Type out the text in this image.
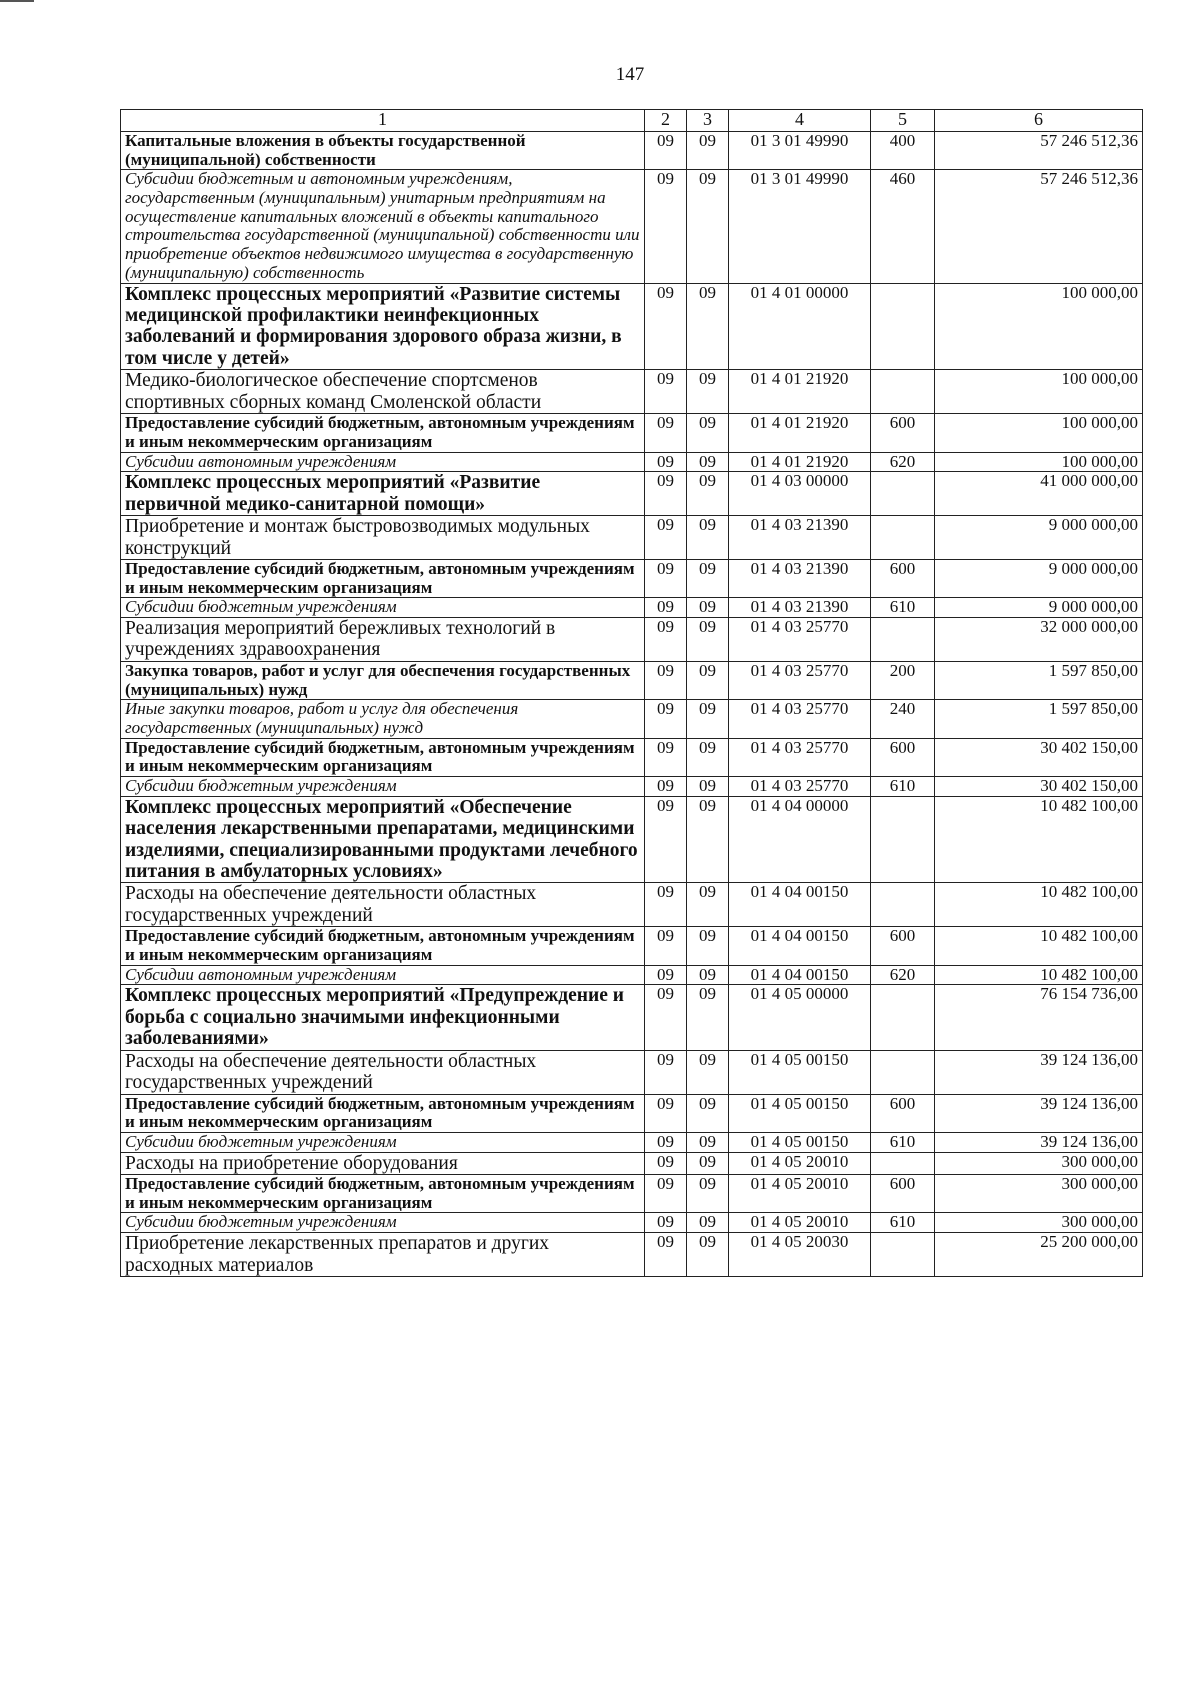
147
1	2	3	4	5	6
Капитальные вложения в объекты государственной (муниципальной) собственности	09	09	01 3 01 49990	400	57 246 512,36
Субсидии бюджетным и автономным учреждениям, государственным (муниципальным) унитарным предприятиям на осуществление капитальных вложений в объекты капитального строительства государственной (муниципальной) собственности или приобретение объектов недвижимого имущества в государственную (муниципальную) собственность	09	09	01 3 01 49990	460	57 246 512,36
Комплекс процессных мероприятий «Развитие системы медицинской профилактики неинфекционных заболеваний и формирования здорового образа жизни, в том числе у детей»	09	09	01 4 01 00000		100 000,00
Медико-биологическое обеспечение спортсменов спортивных сборных команд Смоленской области	09	09	01 4 01 21920		100 000,00
Предоставление субсидий бюджетным, автономным учреждениям и иным некоммерческим организациям	09	09	01 4 01 21920	600	100 000,00
Субсидии автономным учреждениям	09	09	01 4 01 21920	620	100 000,00
Комплекс процессных мероприятий «Развитие первичной медико-санитарной помощи»	09	09	01 4 03 00000		41 000 000,00
Приобретение и монтаж быстровозводимых модульных конструкций	09	09	01 4 03 21390		9 000 000,00
Предоставление субсидий бюджетным, автономным учреждениям и иным некоммерческим организациям	09	09	01 4 03 21390	600	9 000 000,00
Субсидии бюджетным учреждениям	09	09	01 4 03 21390	610	9 000 000,00
Реализация мероприятий бережливых технологий в учреждениях здравоохранения	09	09	01 4 03 25770		32 000 000,00
Закупка товаров, работ и услуг для обеспечения государственных (муниципальных) нужд	09	09	01 4 03 25770	200	1 597 850,00
Иные закупки товаров, работ и услуг для обеспечения государственных (муниципальных) нужд	09	09	01 4 03 25770	240	1 597 850,00
Предоставление субсидий бюджетным, автономным учреждениям и иным некоммерческим организациям	09	09	01 4 03 25770	600	30 402 150,00
Субсидии бюджетным учреждениям	09	09	01 4 03 25770	610	30 402 150,00
Комплекс процессных мероприятий «Обеспечение населения лекарственными препаратами, медицинскими изделиями, специализированными продуктами лечебного питания в амбулаторных условиях»	09	09	01 4 04 00000		10 482 100,00
Расходы на обеспечение деятельности областных государственных учреждений	09	09	01 4 04 00150		10 482 100,00
Предоставление субсидий бюджетным, автономным учреждениям и иным некоммерческим организациям	09	09	01 4 04 00150	600	10 482 100,00
Субсидии автономным учреждениям	09	09	01 4 04 00150	620	10 482 100,00
Комплекс процессных мероприятий «Предупреждение и борьба с социально значимыми инфекционными заболеваниями»	09	09	01 4 05 00000		76 154 736,00
Расходы на обеспечение деятельности областных государственных учреждений	09	09	01 4 05 00150		39 124 136,00
Предоставление субсидий бюджетным, автономным учреждениям и иным некоммерческим организациям	09	09	01 4 05 00150	600	39 124 136,00
Субсидии бюджетным учреждениям	09	09	01 4 05 00150	610	39 124 136,00
Расходы на приобретение оборудования	09	09	01 4 05 20010		300 000,00
Предоставление субсидий бюджетным, автономным учреждениям и иным некоммерческим организациям	09	09	01 4 05 20010	600	300 000,00
Субсидии бюджетным учреждениям	09	09	01 4 05 20010	610	300 000,00
Приобретение лекарственных препаратов и других расходных материалов	09	09	01 4 05 20030		25 200 000,00
